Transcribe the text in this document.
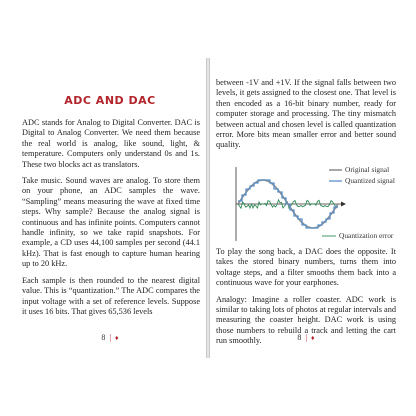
ADC AND DAC

ADC stands for Analog to Digital Converter. DAC is Digital to Analog Converter. We need them because the real world is analog, like sound, light, & temperature. Computers only understand 0s and 1s. These two blocks act as translators.

Take music. Sound waves are analog. To store them on your phone, an ADC samples the wave. “Sampling” means measuring the wave at fixed time steps. Why sample? Because the analog signal is continuous and has infinite points. Computers cannot handle infinity, so we take rapid snapshots. For example, a CD uses 44,100 samples per second (44.1 kHz). That is fast enough to capture human hearing up to 20 kHz.

Each sample is then rounded to the nearest digital value. This is “quantization.” The ADC compares the input voltage with a set of reference levels. Suppose it uses 16 bits. That gives 65,536 levels

8 | ♦

between -1V and +1V. If the signal falls between two levels, it gets assigned to the closest one. That level is then encoded as a 16-bit binary number, ready for computer storage and processing. The tiny mismatch between actual and chosen level is called quantization error. More bits mean smaller error and better sound quality.

Original signal
Quantized signal
Quantization error

To play the song back, a DAC does the opposite. It takes the stored binary numbers, turns them into voltage steps, and a filter smooths them back into a continuous wave for your earphones.

Analogy: Imagine a roller coaster. ADC work is similar to taking lots of photos at regular intervals and measuring the coaster height. DAC work is using those numbers to rebuild a track and letting the cart run smoothly.	8 | ♦
